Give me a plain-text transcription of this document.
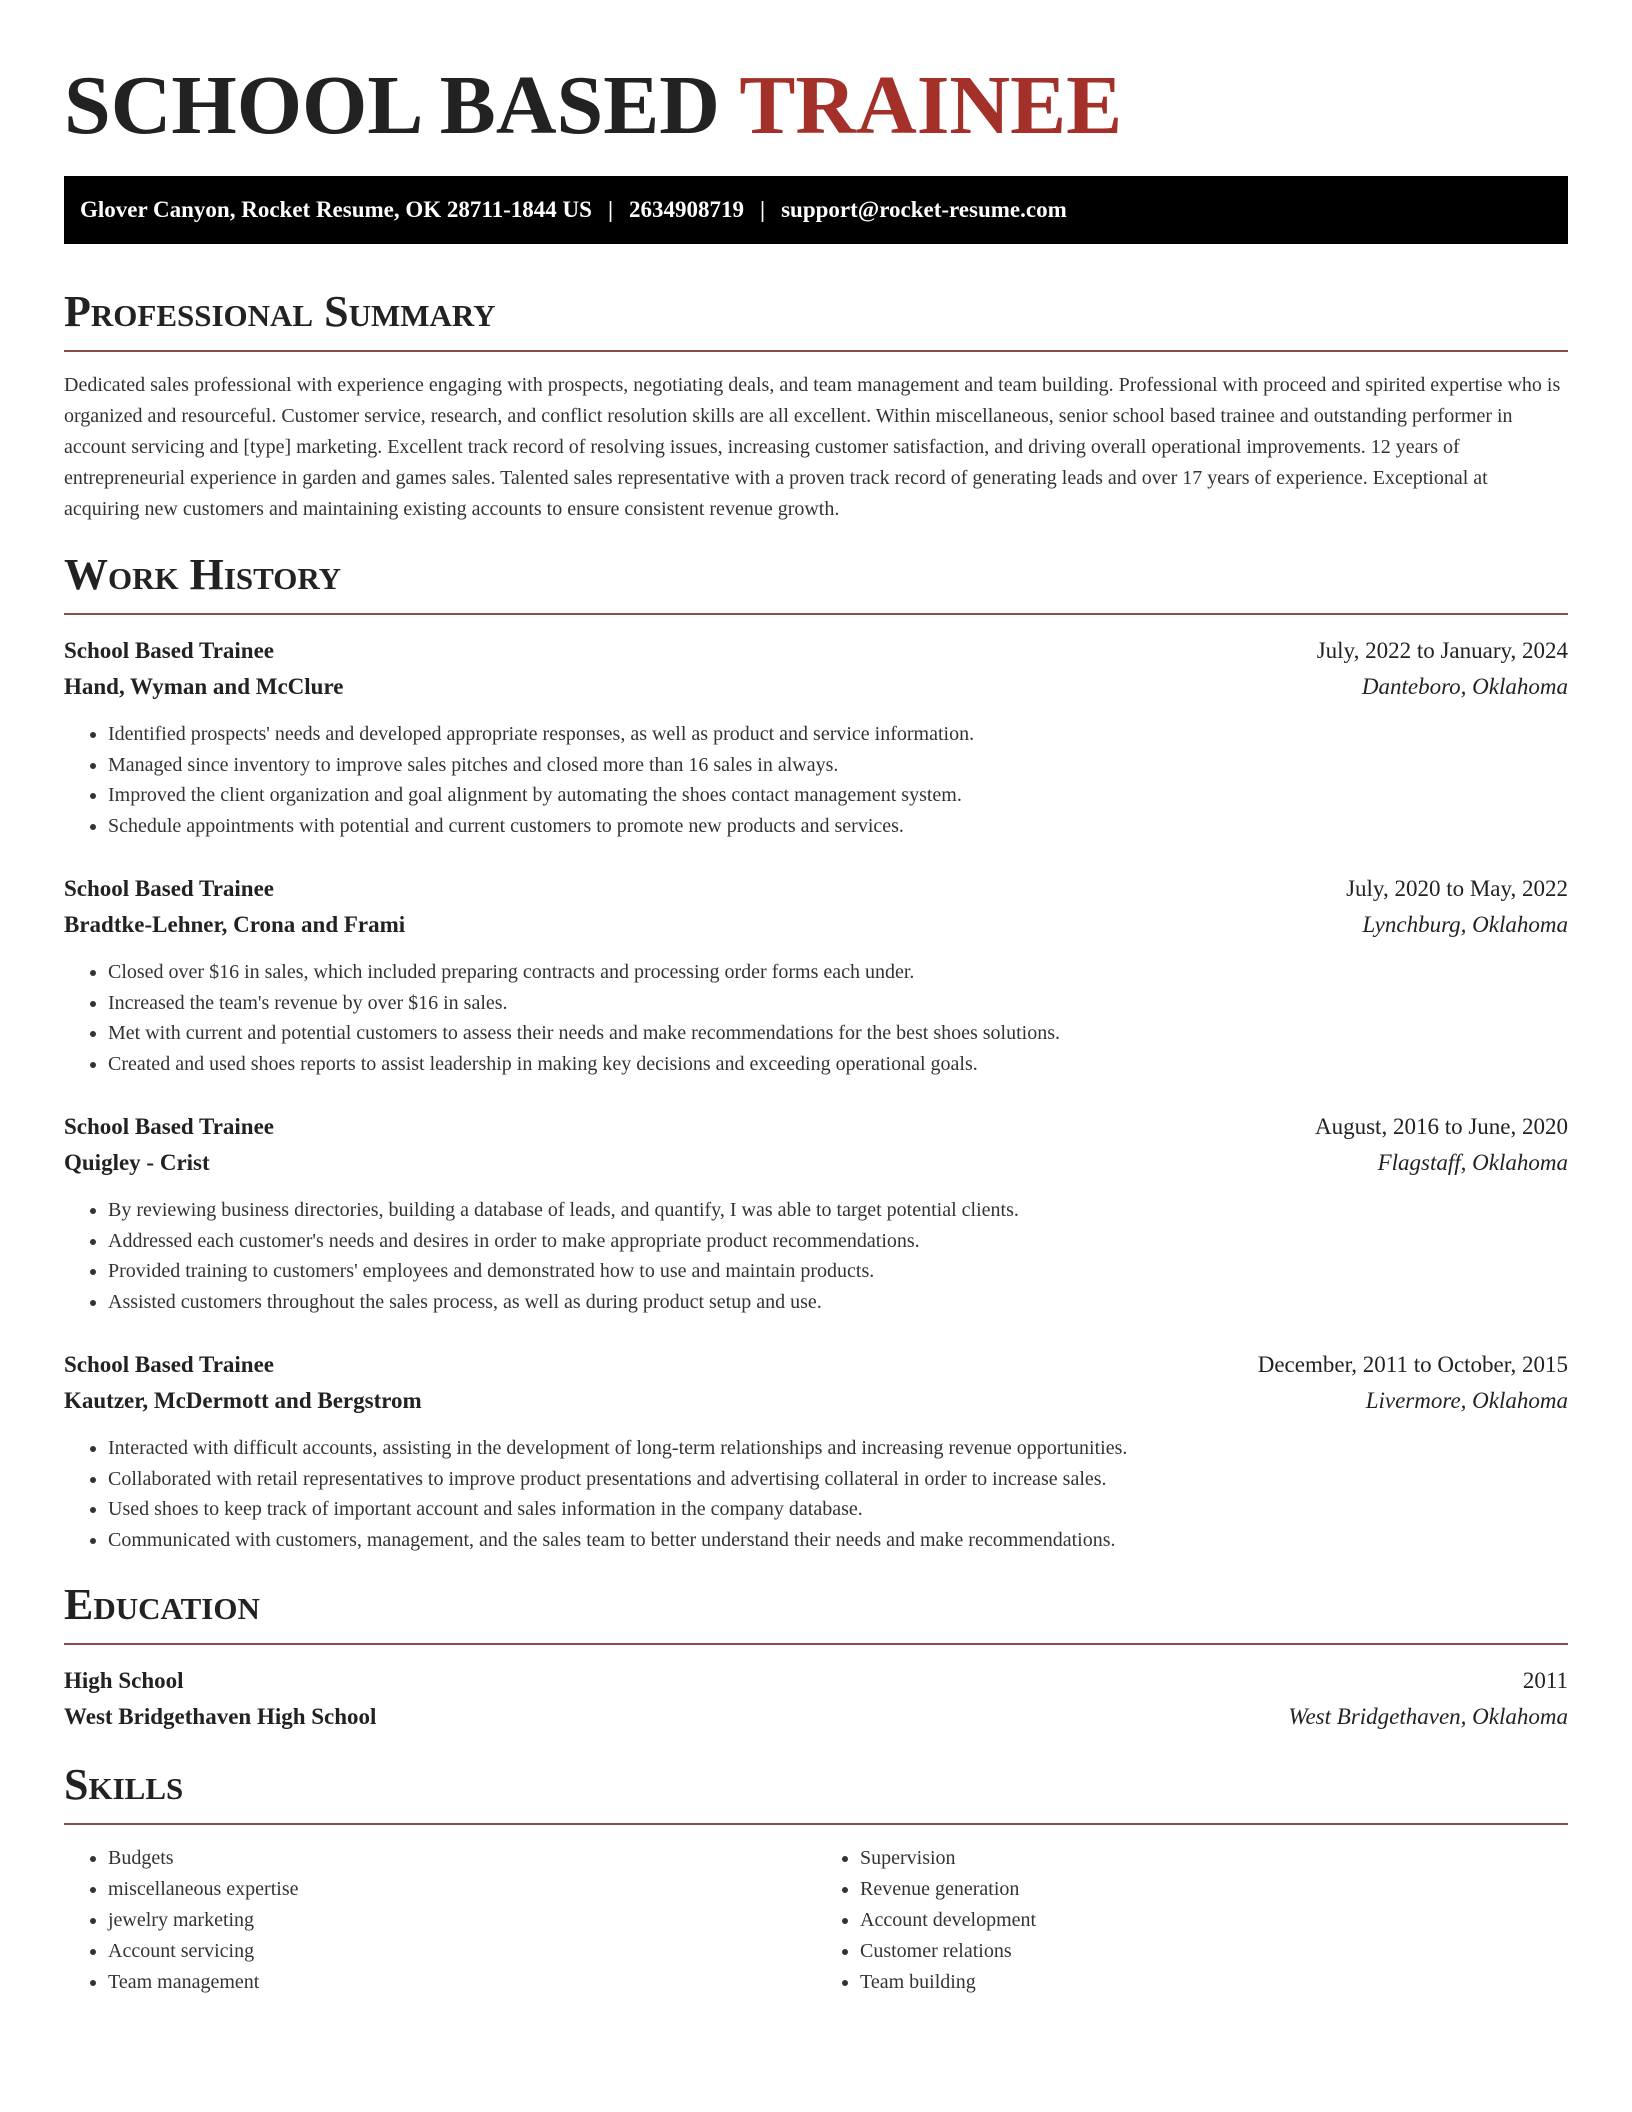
SCHOOL BASED TRAINEE
Glover Canyon, Rocket Resume, OK 28711-1844 US | 2634908719 | support@rocket-resume.com
Professional Summary

Dedicated sales professional with experience engaging with prospects, negotiating deals, and team management and team building. Professional with proceed and spirited expertise who is organized and resourceful. Customer service, research, and conflict resolution skills are all excellent. Within miscellaneous, senior school based trainee and outstanding performer in account servicing and [type] marketing. Excellent track record of resolving issues, increasing customer satisfaction, and driving overall operational improvements. 12 years of entrepreneurial experience in garden and games sales. Talented sales representative with a proven track record of generating leads and over 17 years of experience. Exceptional at acquiring new customers and maintaining existing accounts to ensure consistent revenue growth.

Work History
School Based Trainee	July, 2022 to January, 2024
Hand, Wyman and McClure	Danteboro, Oklahoma
• Identified prospects' needs and developed appropriate responses, as well as product and service information.
• Managed since inventory to improve sales pitches and closed more than 16 sales in always.
• Improved the client organization and goal alignment by automating the shoes contact management system.
• Schedule appointments with potential and current customers to promote new products and services.
School Based Trainee	July, 2020 to May, 2022
Bradtke-Lehner, Crona and Frami	Lynchburg, Oklahoma
• Closed over $16 in sales, which included preparing contracts and processing order forms each under.
• Increased the team's revenue by over $16 in sales.
• Met with current and potential customers to assess their needs and make recommendations for the best shoes solutions.
• Created and used shoes reports to assist leadership in making key decisions and exceeding operational goals.
School Based Trainee	August, 2016 to June, 2020
Quigley - Crist	Flagstaff, Oklahoma
• By reviewing business directories, building a database of leads, and quantify, I was able to target potential clients.
• Addressed each customer's needs and desires in order to make appropriate product recommendations.
• Provided training to customers' employees and demonstrated how to use and maintain products.
• Assisted customers throughout the sales process, as well as during product setup and use.
School Based Trainee	December, 2011 to October, 2015
Kautzer, McDermott and Bergstrom	Livermore, Oklahoma
• Interacted with difficult accounts, assisting in the development of long-term relationships and increasing revenue opportunities.
• Collaborated with retail representatives to improve product presentations and advertising collateral in order to increase sales.
• Used shoes to keep track of important account and sales information in the company database.
• Communicated with customers, management, and the sales team to better understand their needs and make recommendations.
Education
High School	2011
West Bridgethaven High School	West Bridgethaven, Oklahoma
Skills
• Budgets
• miscellaneous expertise
• jewelry marketing
• Account servicing
• Team management
• Supervision
• Revenue generation
• Account development
• Customer relations
• Team building
